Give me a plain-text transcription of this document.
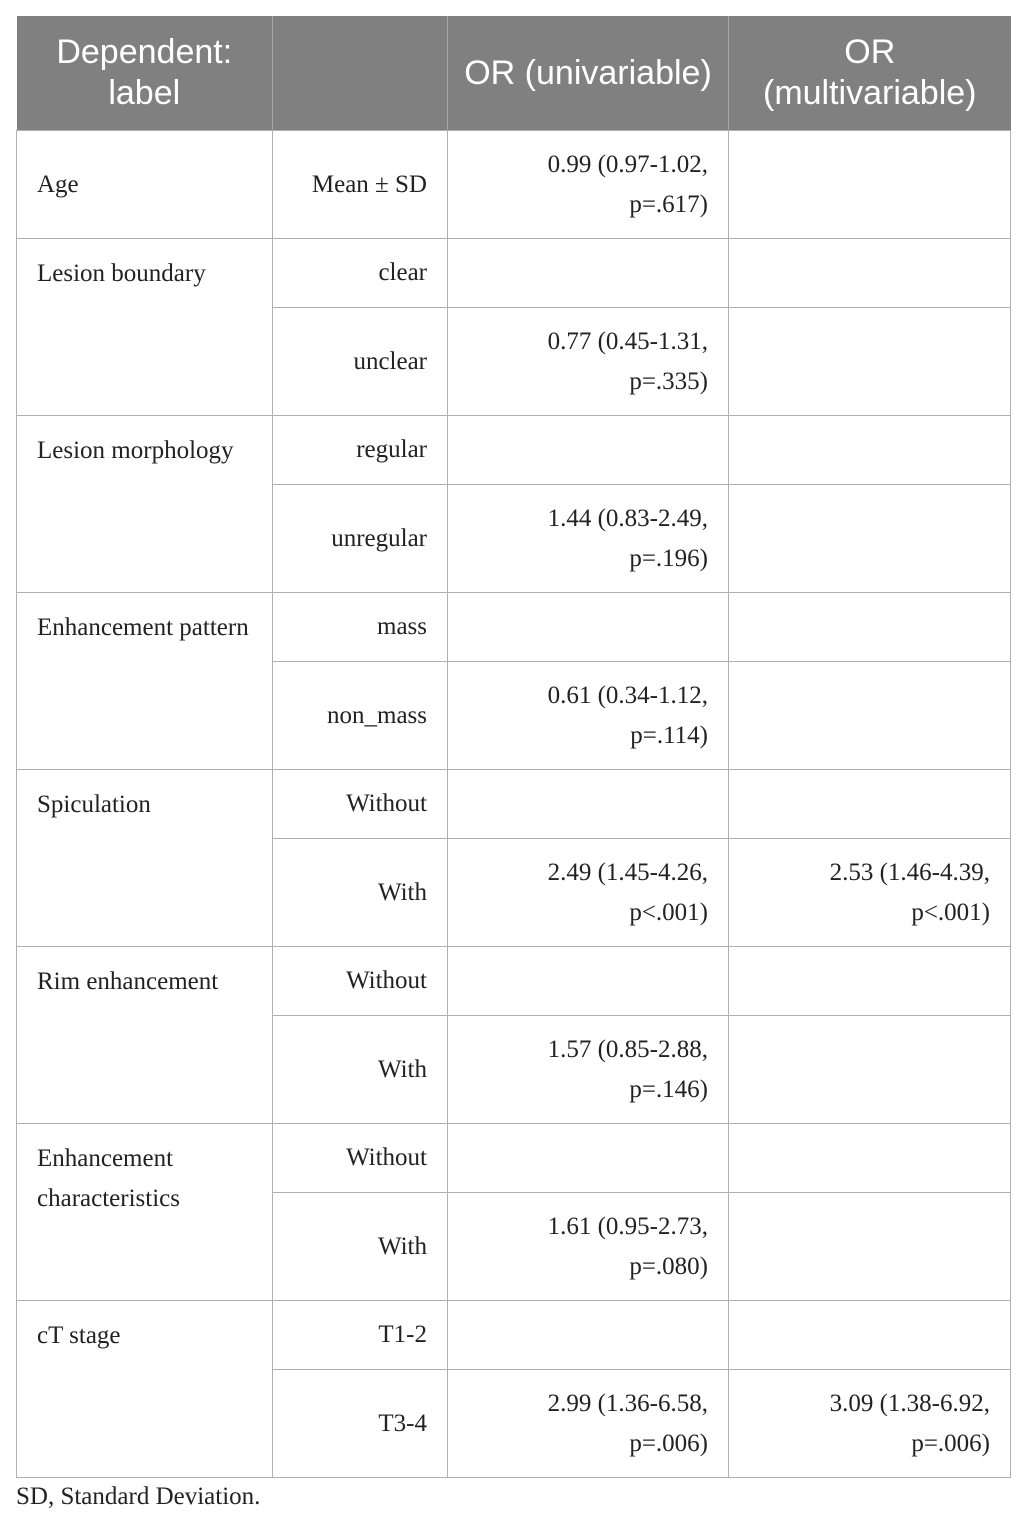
Dependent: label		OR (univariable)	OR (multivariable)
Age	Mean ± SD	0.99 (0.97-1.02, p=.617)	

Lesion boundary	clear	

	unclear	0.77 (0.45-1.31, p=.335)	

Lesion morphology	regular	

	unregular	1.44 (0.83-2.49, p=.196)	

Enhancement pattern	mass	

	non_mass	0.61 (0.34-1.12, p=.114)	

Spiculation	Without	

	With	2.49 (1.45-4.26, p<.001)	2.53 (1.46-4.39, p<.001)

Rim enhancement	Without	

	With	1.57 (0.85-2.88, p=.146)	

Enhancement characteristics	Without	

	With	1.61 (0.95-2.73, p=.080)	

cT stage	T1-2	

	T3-4	2.99 (1.36-6.58, p=.006)	3.09 (1.38-6.92, p=.006)
SD, Standard Deviation.
